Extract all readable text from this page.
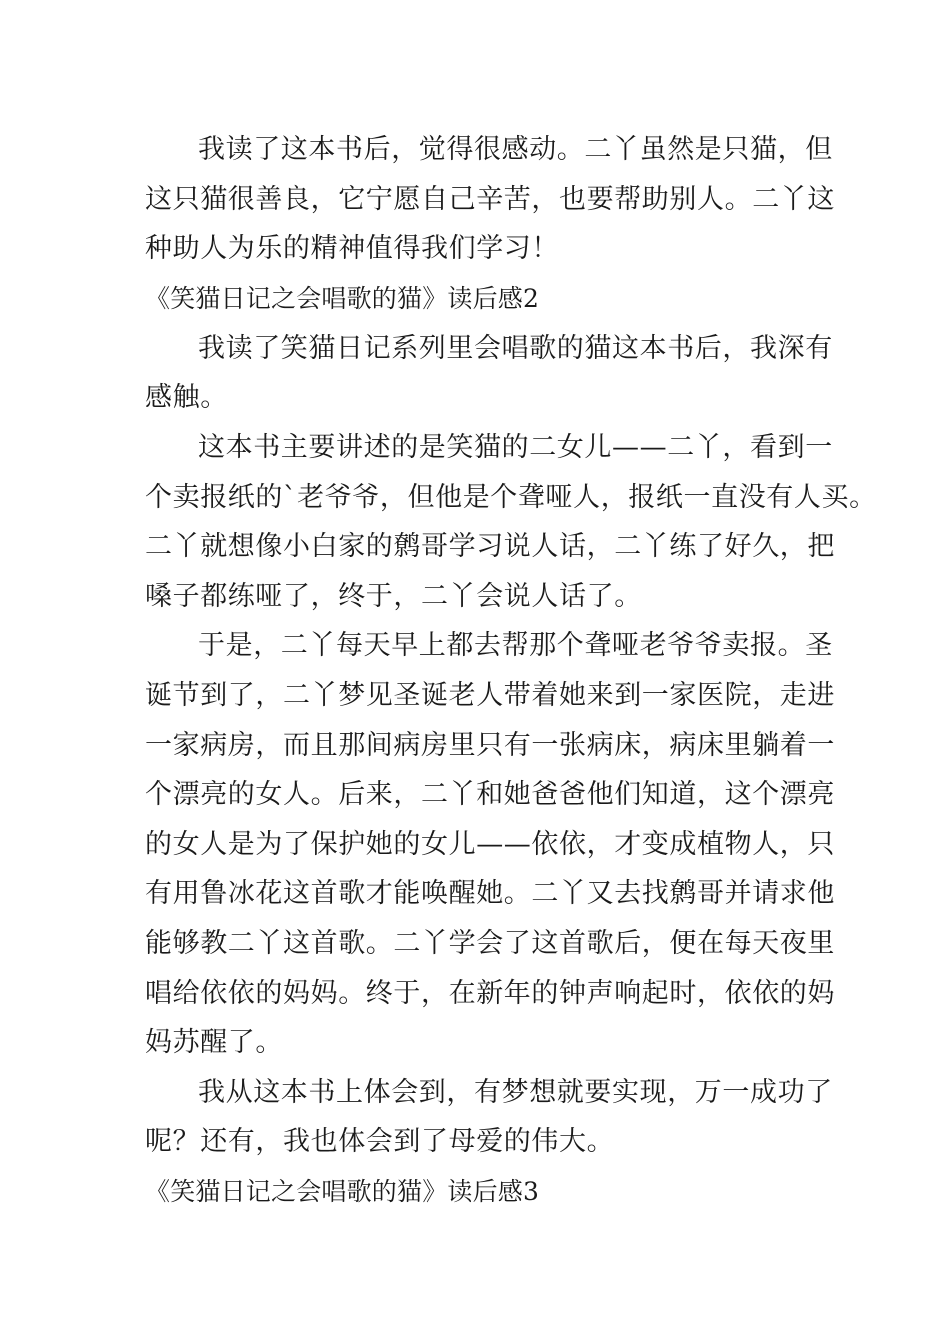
我读了这本书后，觉得很感动。二丫虽然是只猫，但
这只猫很善良，它宁愿自己辛苦，也要帮助别人。二丫这
种助人为乐的精神值得我们学习！
《笑猫日记之会唱歌的猫》读后感2
我读了笑猫日记系列里会唱歌的猫这本书后，我深有
感触。
这本书主要讲述的是笑猫的二女儿——二丫，看到一
个卖报纸的`老爷爷，但他是个聋哑人，报纸一直没有人买。
二丫就想像小白家的鹩哥学习说人话，二丫练了好久，把
嗓子都练哑了，终于，二丫会说人话了。
于是，二丫每天早上都去帮那个聋哑老爷爷卖报。圣
诞节到了，二丫梦见圣诞老人带着她来到一家医院，走进
一家病房，而且那间病房里只有一张病床，病床里躺着一
个漂亮的女人。后来，二丫和她爸爸他们知道，这个漂亮
的女人是为了保护她的女儿——依依，才变成植物人，只
有用鲁冰花这首歌才能唤醒她。二丫又去找鹩哥并请求他
能够教二丫这首歌。二丫学会了这首歌后，便在每天夜里
唱给依依的妈妈。终于，在新年的钟声响起时，依依的妈
妈苏醒了。
我从这本书上体会到，有梦想就要实现，万一成功了
呢？还有，我也体会到了母爱的伟大。
《笑猫日记之会唱歌的猫》读后感3
